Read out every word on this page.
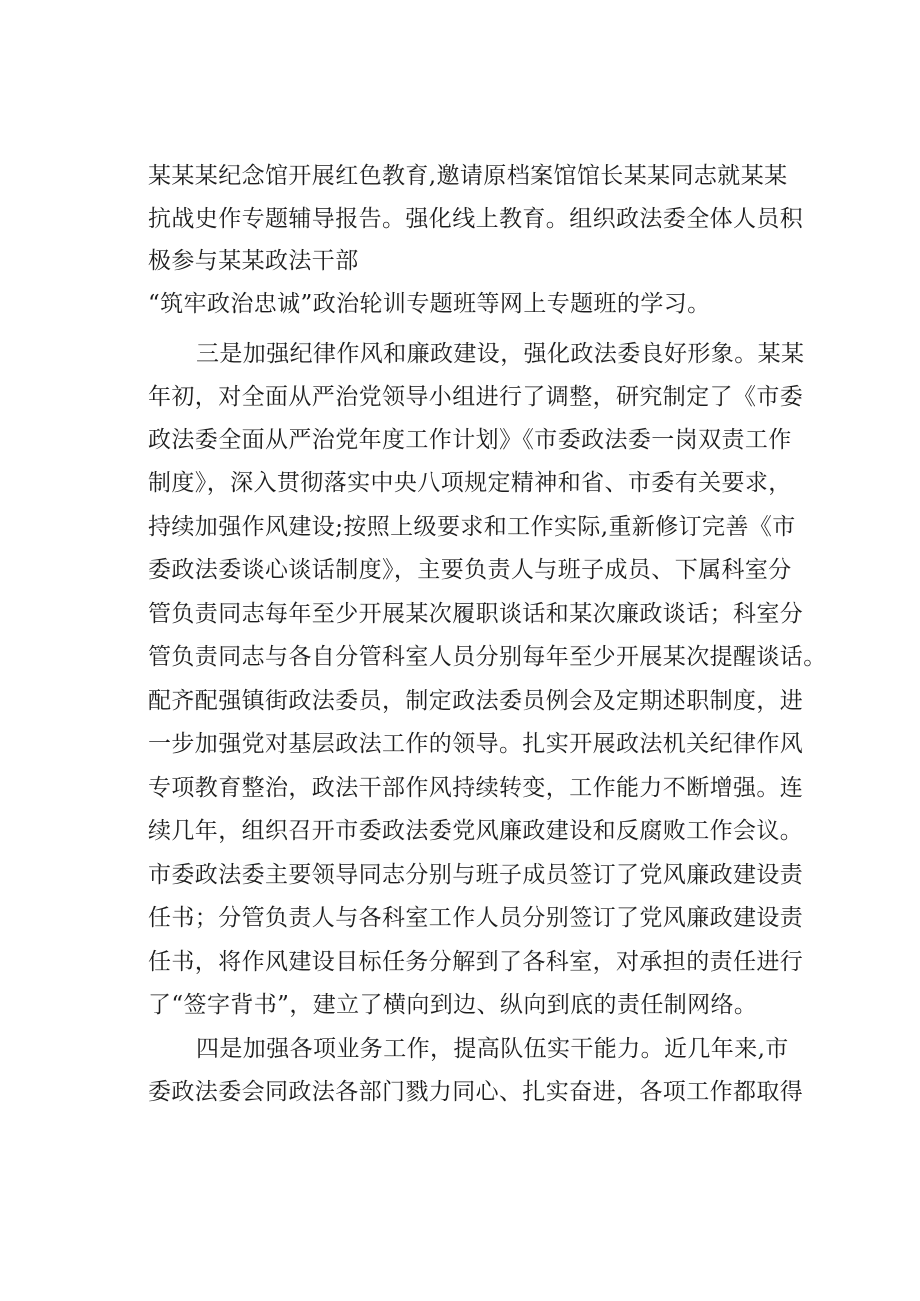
某某某纪念馆开展红色教育,邀请原档案馆馆长某某同志就某某
抗战史作专题辅导报告。强化线上教育。组织政法委全体人员积
极参与某某政法干部
“筑牢政治忠诚”政治轮训专题班等网上专题班的学习。
三是加强纪律作风和廉政建设，强化政法委良好形象。某某
年初，对全面从严治党领导小组进行了调整，研究制定了《市委
政法委全面从严治党年度工作计划》《市委政法委一岗双责工作
制度》，深入贯彻落实中央八项规定精神和省、市委有关要求，
持续加强作风建设;按照上级要求和工作实际,重新修订完善《市
委政法委谈心谈话制度》，主要负责人与班子成员、下属科室分
管负责同志每年至少开展某次履职谈话和某次廉政谈话；科室分
管负责同志与各自分管科室人员分别每年至少开展某次提醒谈话。
配齐配强镇街政法委员，制定政法委员例会及定期述职制度，进
一步加强党对基层政法工作的领导。扎实开展政法机关纪律作风
专项教育整治，政法干部作风持续转变，工作能力不断增强。连
续几年，组织召开市委政法委党风廉政建设和反腐败工作会议。
市委政法委主要领导同志分别与班子成员签订了党风廉政建设责
任书；分管负责人与各科室工作人员分别签订了党风廉政建设责
任书，将作风建设目标任务分解到了各科室，对承担的责任进行
了“签字背书”，建立了横向到边、纵向到底的责任制网络。
四是加强各项业务工作，提高队伍实干能力。近几年来,市
委政法委会同政法各部门戮力同心、扎实奋进，各项工作都取得
